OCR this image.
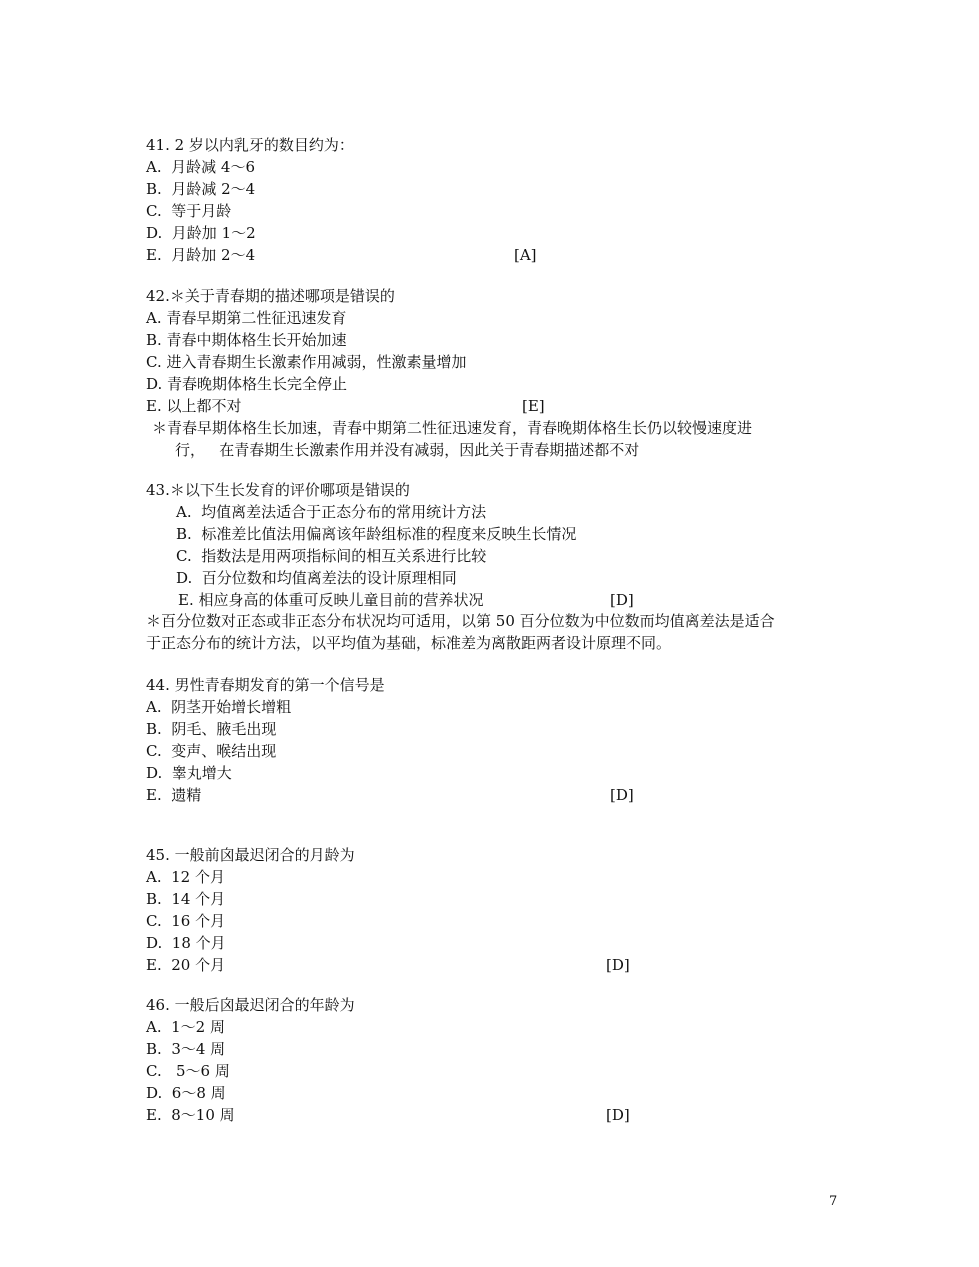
41. 2 岁以内乳牙的数目约为：
A.  月龄减 4～6
B.  月龄减 2～4
C.  等于月龄
D.  月龄加 1～2
E.  月龄加 2～4	[A]
42.＊关于青春期的描述哪项是错误的
A. 青春早期第二性征迅速发育
B. 青春中期体格生长开始加速
C. 进入青春期生长激素作用减弱，性激素量增加
D. 青春晚期体格生长完全停止
E. 以上都不对	[E]
＊青春早期体格生长加速，青春中期第二性征迅速发育，青春晚期体格生长仍以较慢速度进
行，   在青春期生长激素作用并没有减弱，因此关于青春期描述都不对
43.＊以下生长发育的评价哪项是错误的
A.  均值离差法适合于正态分布的常用统计方法
B.  标准差比值法用偏离该年龄组标准的程度来反映生长情况
C.  指数法是用两项指标间的相互关系进行比较
D.  百分位数和均值离差法的设计原理相同
E. 相应身高的体重可反映儿童目前的营养状况	[D]
＊百分位数对正态或非正态分布状况均可适用，以第 50 百分位数为中位数而均值离差法是适合
于正态分布的统计方法，以平均值为基础，标准差为离散距两者设计原理不同。
44. 男性青春期发育的第一个信号是
A.  阴茎开始增长增粗
B.  阴毛、腋毛出现
C.  变声、喉结出现
D.  睾丸增大
E.  遗精	[D]
45. 一般前囟最迟闭合的月龄为
A.  12 个月
B.  14 个月
C.  16 个月
D.  18 个月
E.  20 个月	[D]
46. 一般后囟最迟闭合的年龄为
A.  1～2 周
B.  3～4 周
C.   5～6 周
D.  6～8 周
E.  8～10 周	[D]
7
